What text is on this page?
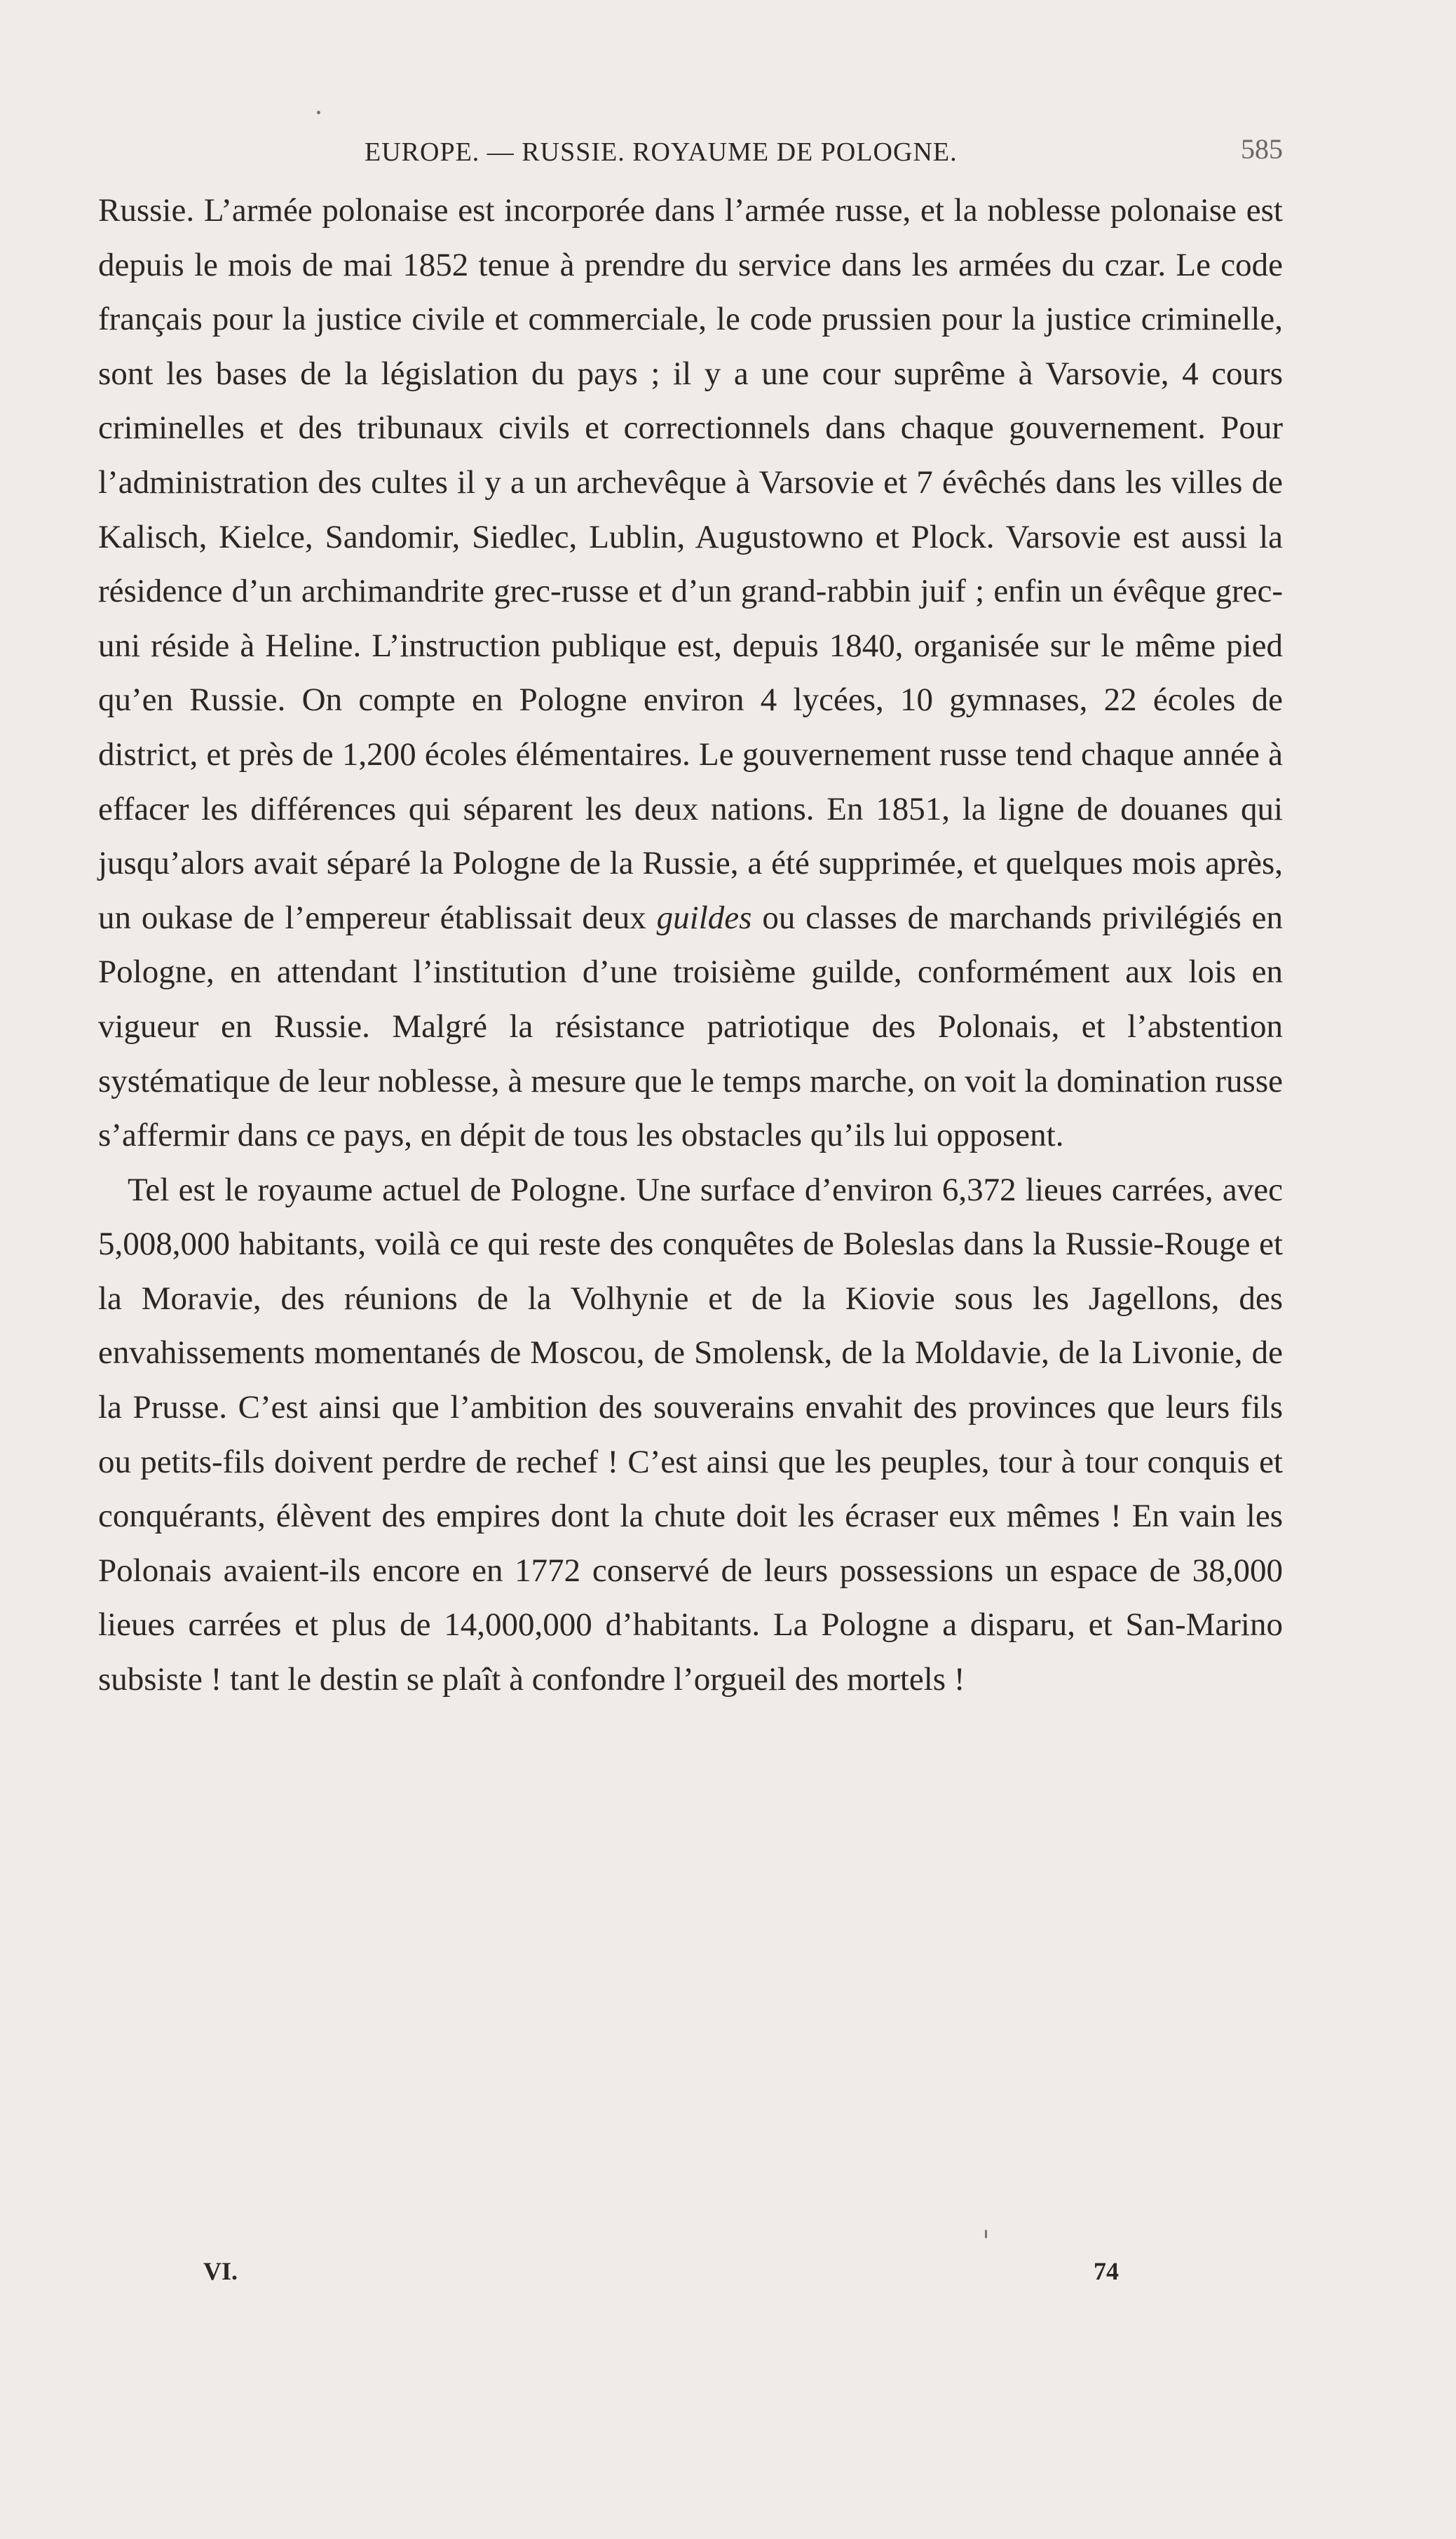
EUROPE. — RUSSIE. ROYAUME DE POLOGNE.	585

Russie. L’armée polonaise est incorporée dans l’armée russe, et la noblesse polonaise est depuis le mois de mai 1852 tenue à prendre du service dans les armées du czar. Le code français pour la justice civile et commerciale, le code prussien pour la justice criminelle, sont les bases de la législation du pays ; il y a une cour suprême à Varsovie, 4 cours criminelles et des tribunaux civils et correctionnels dans chaque gouvernement. Pour l’administration des cultes il y a un archevêque à Varsovie et 7 évêchés dans les villes de Kalisch, Kielce, Sandomir, Siedlec, Lublin, Augustowno et Plock. Varsovie est aussi la résidence d’un archimandrite grec-russe et d’un grand-rabbin juif ; enfin un évêque grec-uni réside à Heline. L’instruction publique est, depuis 1840, organisée sur le même pied qu’en Russie. On compte en Pologne environ 4 lycées, 10 gymnases, 22 écoles de district, et près de 1,200 écoles élémentaires. Le gouvernement russe tend chaque année à effacer les différences qui séparent les deux nations. En 1851, la ligne de douanes qui jusqu’alors avait séparé la Pologne de la Russie, a été supprimée, et quelques mois après, un oukase de l’empereur établissait deux guildes ou classes de marchands privilégiés en Pologne, en attendant l’institution d’une troisième guilde, conformément aux lois en vigueur en Russie. Malgré la résistance patriotique des Polonais, et l’abstention systématique de leur noblesse, à mesure que le temps marche, on voit la domination russe s’affermir dans ce pays, en dépit de tous les obstacles qu’ils lui opposent.

Tel est le royaume actuel de Pologne. Une surface d’environ 6,372 lieues carrées, avec 5,008,000 habitants, voilà ce qui reste des conquêtes de Boleslas dans la Russie-Rouge et la Moravie, des réunions de la Volhynie et de la Kiovie sous les Jagellons, des envahissements momentanés de Moscou, de Smolensk, de la Moldavie, de la Livonie, de la Prusse. C’est ainsi que l’ambition des souverains envahit des provinces que leurs fils ou petits-fils doivent perdre de rechef ! C’est ainsi que les peuples, tour à tour conquis et conquérants, élèvent des empires dont la chute doit les écraser eux mêmes ! En vain les Polonais avaient-ils encore en 1772 conservé de leurs possessions un espace de 38,000 lieues carrées et plus de 14,000,000 d’habitants. La Pologne a disparu, et San-Marino subsiste ! tant le destin se plaît à confondre l’orgueil des mortels !

VI.	74
